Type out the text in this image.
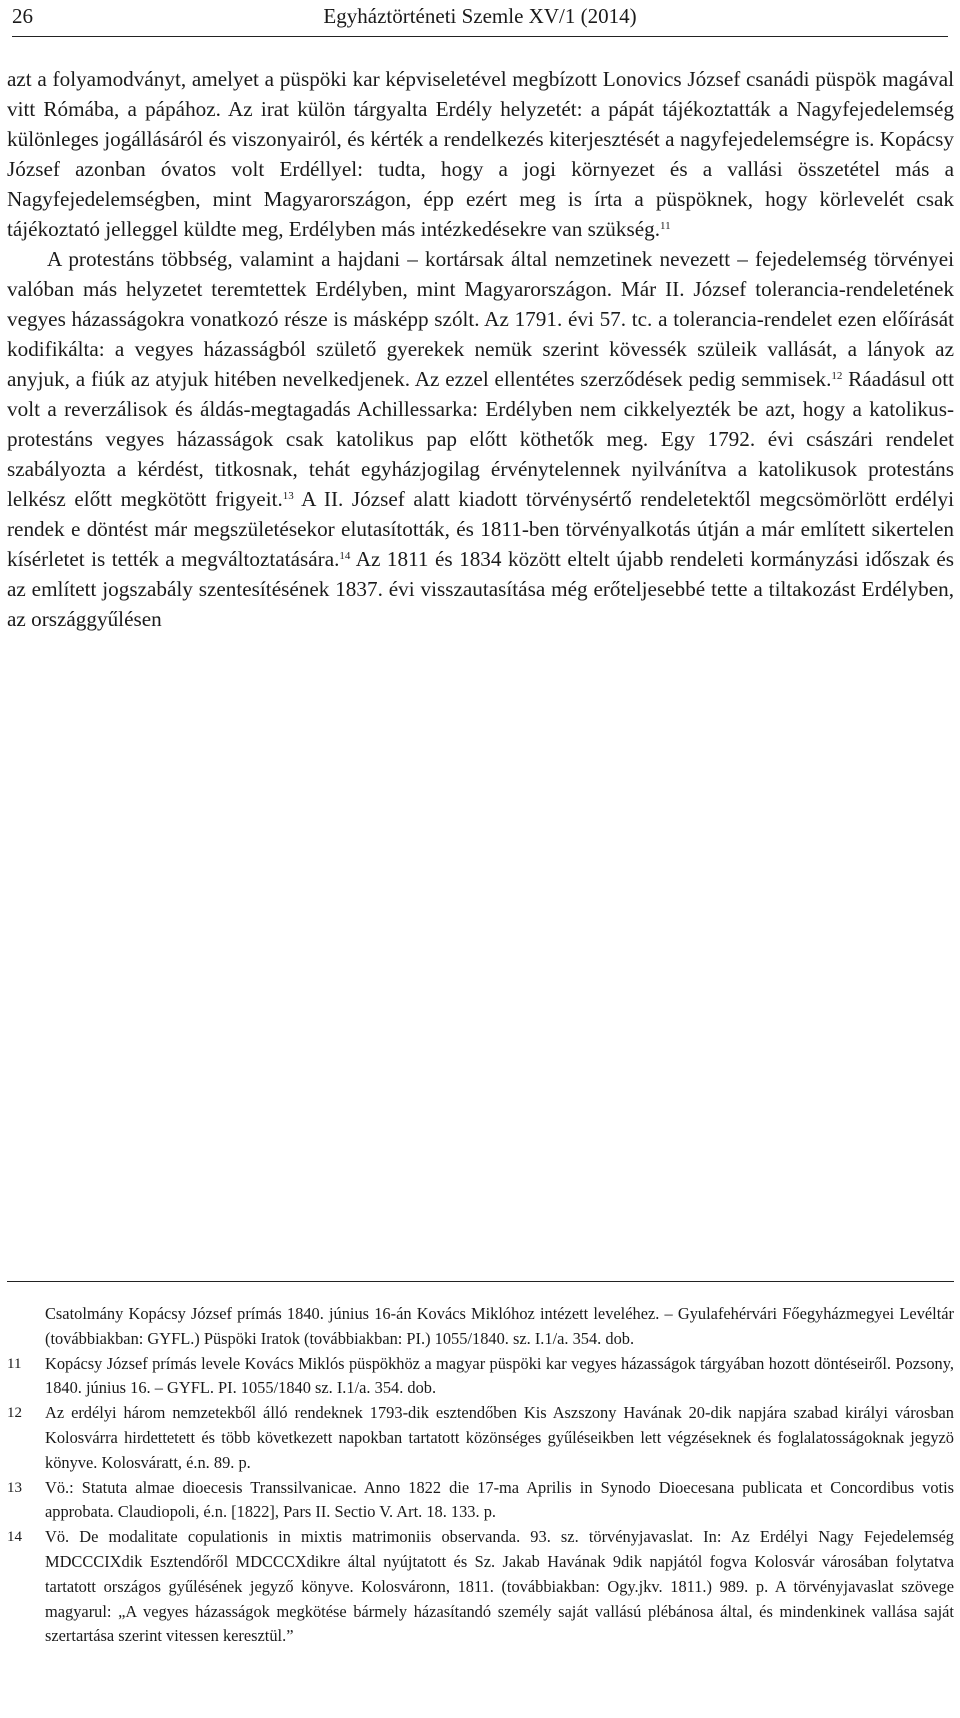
26	Egyháztörténeti Szemle XV/1 (2014)

azt a folyamodványt, amelyet a püspöki kar képviseletével megbízott Lonovics József csanádi püspök magával vitt Rómába, a pápához. Az irat külön tárgyalta Erdély helyzetét: a pápát tájékoztatták a Nagyfejedelemség különleges jogállásáról és viszonyairól, és kérték a rendelkezés kiterjesztését a nagyfejedelemségre is. Kopácsy József azonban óvatos volt Erdéllyel: tudta, hogy a jogi környezet és a vallási összetétel más a Nagyfejedelemségben, mint Magyarországon, épp ezért meg is írta a püspöknek, hogy körlevelét csak tájékoztató jelleggel küldte meg, Erdélyben más intézkedésekre van szükség.$^{11}$

A protestáns többség, valamint a hajdani – kortársak által nemzetinek nevezett – fejedelemség törvényei valóban más helyzetet teremtettek Erdélyben, mint Magyarországon. Már II. József tolerancia-rendeletének vegyes házasságokra vonatkozó része is másképp szólt. Az 1791. évi 57. tc. a tolerancia-rendelet ezen előírását kodifikálta: a vegyes házasságból születő gyerekek nemük szerint kövessék szüleik vallását, a lányok az anyjuk, a fiúk az atyjuk hitében nevelkedjenek. Az ezzel ellentétes szerződések pedig semmisek.$^{12}$ Ráadásul ott volt a reverzálisok és áldás-megtagadás Achillessarka: Erdélyben nem cikkelyezték be azt, hogy a katolikus-protestáns vegyes házasságok csak katolikus pap előtt köthetők meg. Egy 1792. évi császári rendelet szabályozta a kérdést, titkosnak, tehát egyházjogilag érvénytelennek nyilvánítva a katolikusok protestáns lelkész előtt megkötött frigyeit.$^{13}$ A II. József alatt kiadott törvénysértő rendeletektől megcsömörlött erdélyi rendek e döntést már megszületésekor elutasították, és 1811-ben törvényalkotás útján a már említett sikertelen kísérletet is tették a megváltoztatására.$^{14}$ Az 1811 és 1834 között eltelt újabb rendeleti kormányzási időszak és az említett jogszabály szentesítésének 1837. évi visszautasítása még erőteljesebbé tette a tiltakozást Erdélyben, az országgyűlésen

Csatolmány Kopácsy József prímás 1840. június 16-án Kovács Miklóhoz intézett leveléhez. – Gyulafehérvári Főegyházmegyei Levéltár (továbbiakban: GYFL.) Püspöki Iratok (továbbiakban: PI.) 1055/1840. sz. I.1/a. 354. dob.
11 Kopácsy József prímás levele Kovács Miklós püspökhöz a magyar püspöki kar vegyes házasságok tárgyában hozott döntéseiről. Pozsony, 1840. június 16. – GYFL. PI. 1055/1840 sz. I.1/a. 354. dob.
12 Az erdélyi három nemzetekből álló rendeknek 1793-dik esztendőben Kis Aszszony Havának 20-dik napjára szabad királyi városban Kolosvárra hirdettetett és több következett napokban tartatott közönséges gyűléseikben lett végzéseknek és foglalatosságoknak jegyzö könyve. Kolosváratt, é.n. 89. p.
13 Vö.: Statuta almae dioecesis Transsilvanicae. Anno 1822 die 17-ma Aprilis in Synodo Dioecesana publicata et Concordibus votis approbata. Claudiopoli, é.n. [1822], Pars II. Sectio V. Art. 18. 133. p.
14 Vö. De modalitate copulationis in mixtis matrimoniis observanda. 93. sz. törvényjavaslat. In: Az Erdélyi Nagy Fejedelemség MDCCCIXdik Esztendőről MDCCCXdikre által nyújtatott és Sz. Jakab Havának 9dik napjától fogva Kolosvár városában folytatva tartatott országos gyűlésének jegyző könyve. Kolosváronn, 1811. (továbbiakban: Ogy.jkv. 1811.) 989. p. A törvényjavaslat szövege magyarul: „A vegyes házasságok megkötése bármely házasítandó személy saját vallású plébánosa által, és mindenkinek vallása saját szertartása szerint vitessen keresztül.”
